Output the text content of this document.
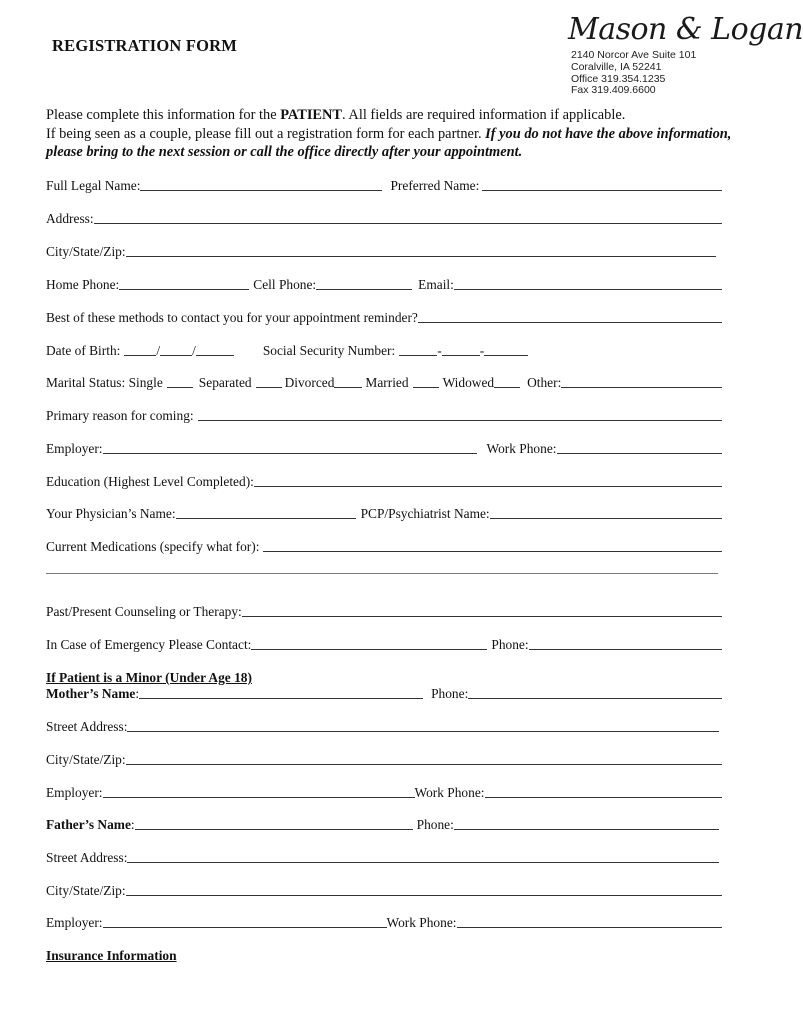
REGISTRATION FORM	Mason & Logan
2140 Norcor Ave Suite 101
Coralville, IA 52241
Office 319.354.1235
Fax 319.409.6600
Please complete this information for the PATIENT. All fields are required information if applicable.
If being seen as a couple, please fill out a registration form for each partner. If you do not have the above information, please bring to the next session or call the office directly after your appointment.
Full Legal Name:	Preferred Name:
Address:
City/State/Zip:
Home Phone:	Cell Phone:	Email:
Best of these methods to contact you for your appointment reminder?
Date of Birth:	/ /	Social Security Number:	-	-
Marital Status: Single	Separated Divorced Married	Widowed Other:
Primary reason for coming:
Employer:	Work Phone:
Education (Highest Level Completed):
Your Physician’s Name:	PCP/Psychiatrist Name:
Current Medications (specify what for):
Past/Present Counseling or Therapy:
In Case of Emergency Please Contact:	Phone:
If Patient is a Minor (Under Age 18)
Mother’s Name :	Phone:
Street Address:
City/State/Zip:
Employer:	Work Phone:
Father’s Name :	Phone:
Street Address:
City/State/Zip:
Employer:	Work Phone:
Insurance Information
